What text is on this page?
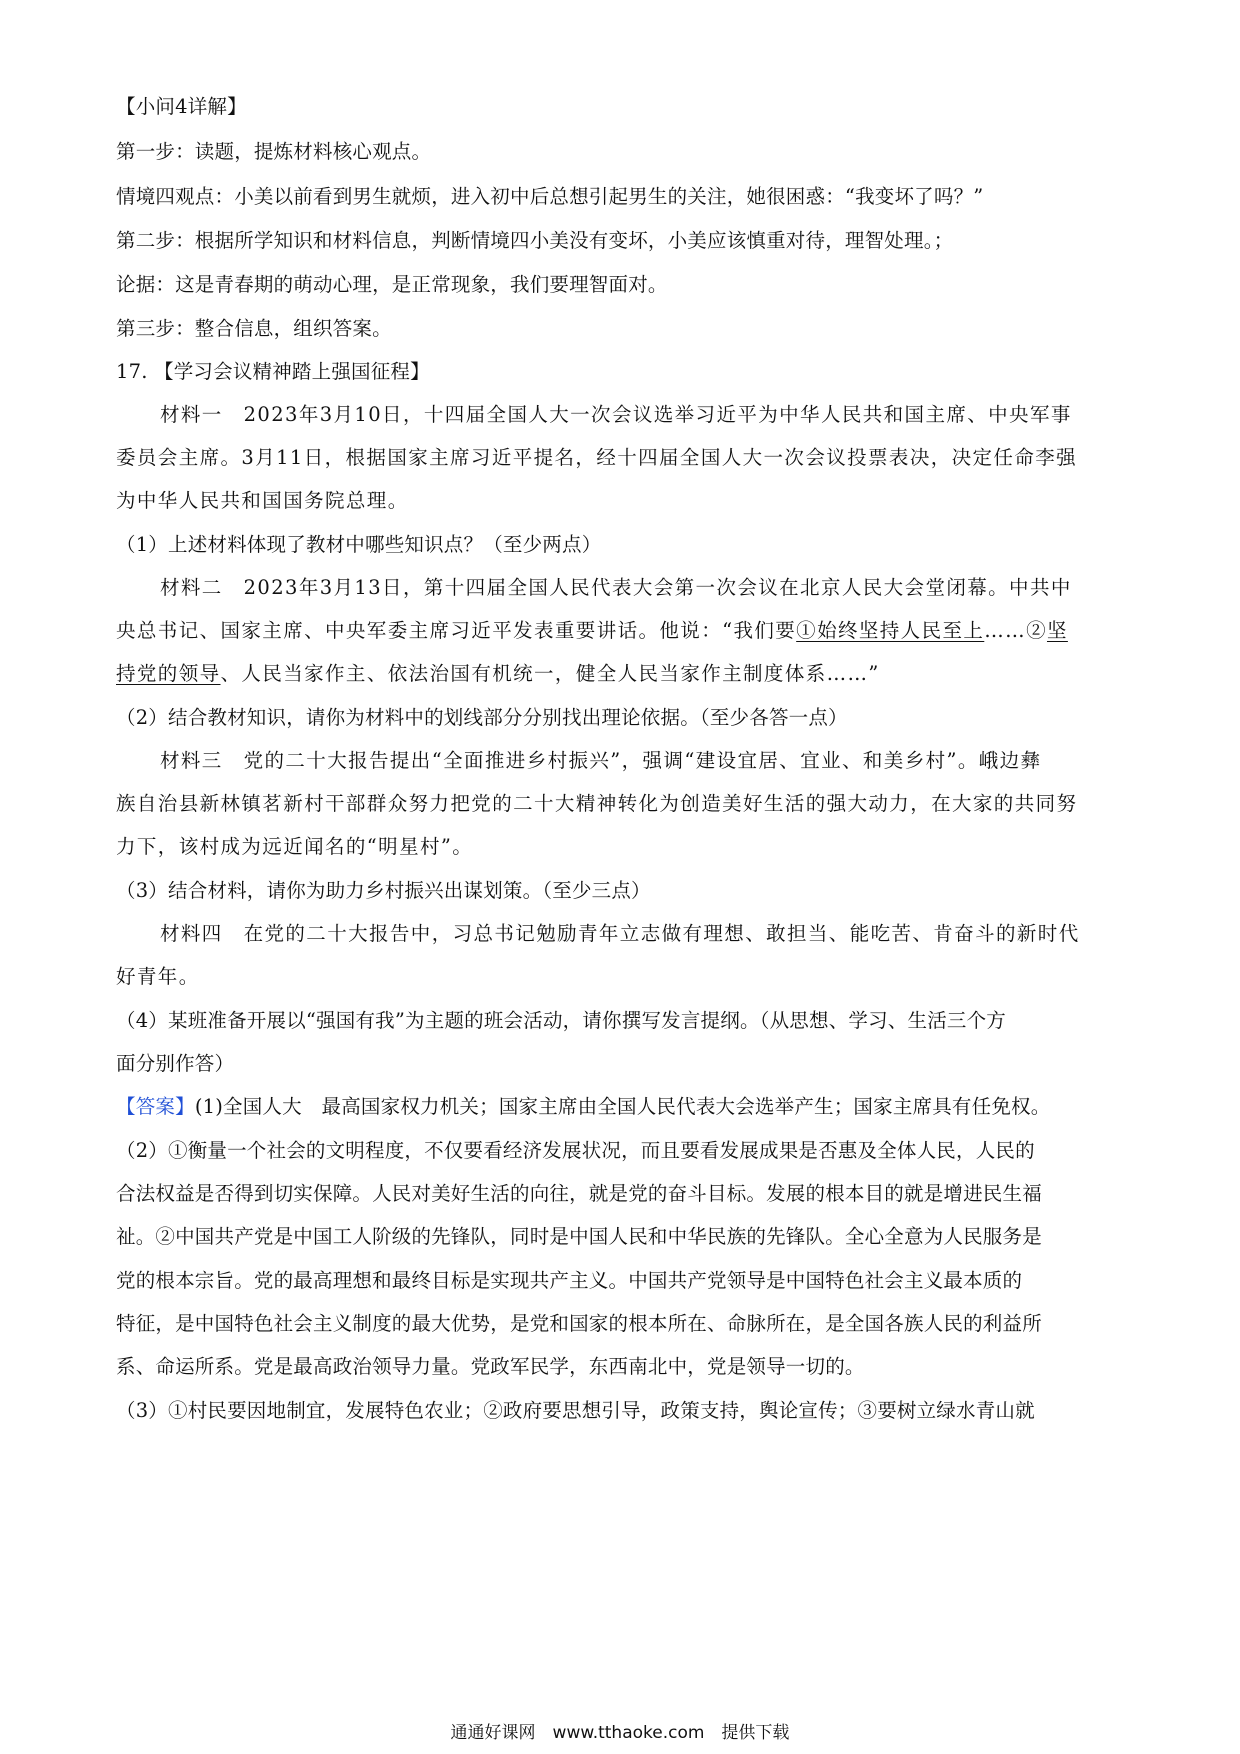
【小问4详解】
第一步：读题，提炼材料核心观点。
情境四观点：小美以前看到男生就烦，进入初中后总想引起男生的关注，她很困惑：“我变坏了吗？”
第二步：根据所学知识和材料信息，判断情境四小美没有变坏，小美应该慎重对待，理智处理。；
论据：这是青春期的萌动心理，是正常现象，我们要理智面对。
第三步：整合信息，组织答案。
17. 【学习会议精神踏上强国征程】
材料一　2023年3月10日，十四届全国人大一次会议选举习近平为中华人民共和国主席、中央军事
委员会主席。3月11日，根据国家主席习近平提名，经十四届全国人大一次会议投票表决，决定任命李强
为中华人民共和国国务院总理。
（1）上述材料体现了教材中哪些知识点？（至少两点）
材料二　2023年3月13日，第十四届全国人民代表大会第一次会议在北京人民大会堂闭幕。中共中
央总书记、国家主席、中央军委主席习近平发表重要讲话。他说：“我们要①始终坚持人民至上……②坚
持党的领导、人民当家作主、依法治国有机统一，健全人民当家作主制度体系……”
（2）结合教材知识，请你为材料中的划线部分分别找出理论依据。（至少各答一点）
材料三　党的二十大报告提出“全面推进乡村振兴”，强调“建设宜居、宜业、和美乡村”。峨边彝
族自治县新林镇茗新村干部群众努力把党的二十大精神转化为创造美好生活的强大动力，在大家的共同努
力下，该村成为远近闻名的“明星村”。
（3）结合材料，请你为助力乡村振兴出谋划策。（至少三点）
材料四　在党的二十大报告中，习总书记勉励青年立志做有理想、敢担当、能吃苦、肯奋斗的新时代
好青年。
（4）某班准备开展以“强国有我”为主题的班会活动，请你撰写发言提纲。（从思想、学习、生活三个方
面分别作答）
【答案】(1)全国人大　最高国家权力机关；国家主席由全国人民代表大会选举产生；国家主席具有任免权。
（2）①衡量一个社会的文明程度，不仅要看经济发展状况，而且要看发展成果是否惠及全体人民，人民的
合法权益是否得到切实保障。人民对美好生活的向往，就是党的奋斗目标。发展的根本目的就是增进民生福
祉。②中国共产党是中国工人阶级的先锋队，同时是中国人民和中华民族的先锋队。全心全意为人民服务是
党的根本宗旨。党的最高理想和最终目标是实现共产主义。中国共产党领导是中国特色社会主义最本质的
特征，是中国特色社会主义制度的最大优势，是党和国家的根本所在、命脉所在，是全国各族人民的利益所
系、命运所系。党是最高政治领导力量。党政军民学，东西南北中，党是领导一切的。
（3）①村民要因地制宜，发展特色农业；②政府要思想引导，政策支持，舆论宣传；③要树立绿水青山就
通通好课网　www.tthaoke.com　提供下载
